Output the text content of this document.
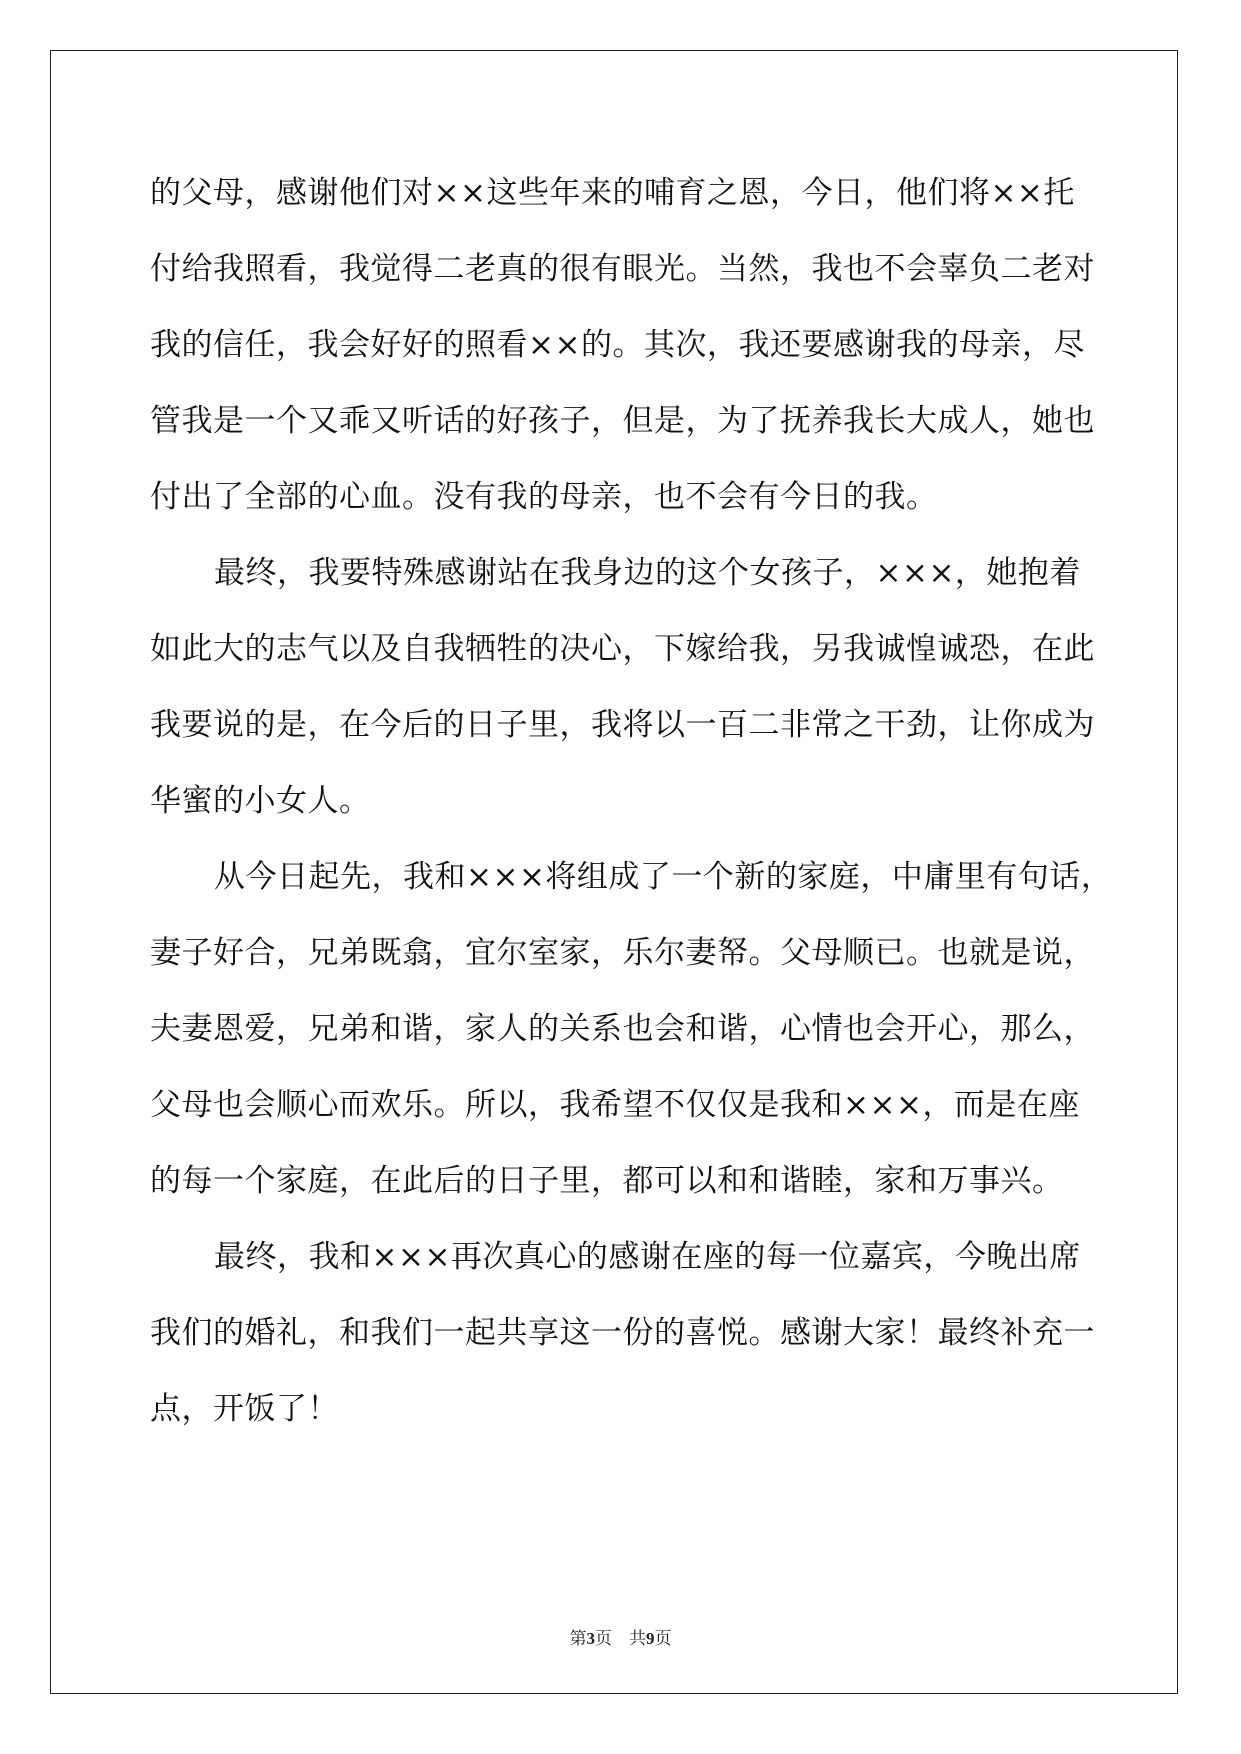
的父母，感谢他们对××这些年来的哺育之恩，今日，他们将××托
付给我照看，我觉得二老真的很有眼光。当然，我也不会辜负二老对
我的信任，我会好好的照看××的。其次，我还要感谢我的母亲，尽
管我是一个又乖又听话的好孩子，但是，为了抚养我长大成人，她也
付出了全部的心血。没有我的母亲，也不会有今日的我。
最终，我要特殊感谢站在我身边的这个女孩子，×××，她抱着
如此大的志气以及自我牺牲的决心，下嫁给我，另我诚惶诚恐，在此
我要说的是，在今后的日子里，我将以一百二非常之干劲，让你成为
华蜜的小女人。
从今日起先，我和×××将组成了一个新的家庭，中庸里有句话，
妻子好合，兄弟既翕，宜尔室家，乐尔妻帑。父母顺已。也就是说，
夫妻恩爱，兄弟和谐，家人的关系也会和谐，心情也会开心，那么，
父母也会顺心而欢乐。所以，我希望不仅仅是我和×××，而是在座
的每一个家庭，在此后的日子里，都可以和和谐睦，家和万事兴。
最终，我和×××再次真心的感谢在座的每一位嘉宾，今晚出席
我们的婚礼，和我们一起共享这一份的喜悦。感谢大家！最终补充一
点，开饭了！
第3页　共9页
